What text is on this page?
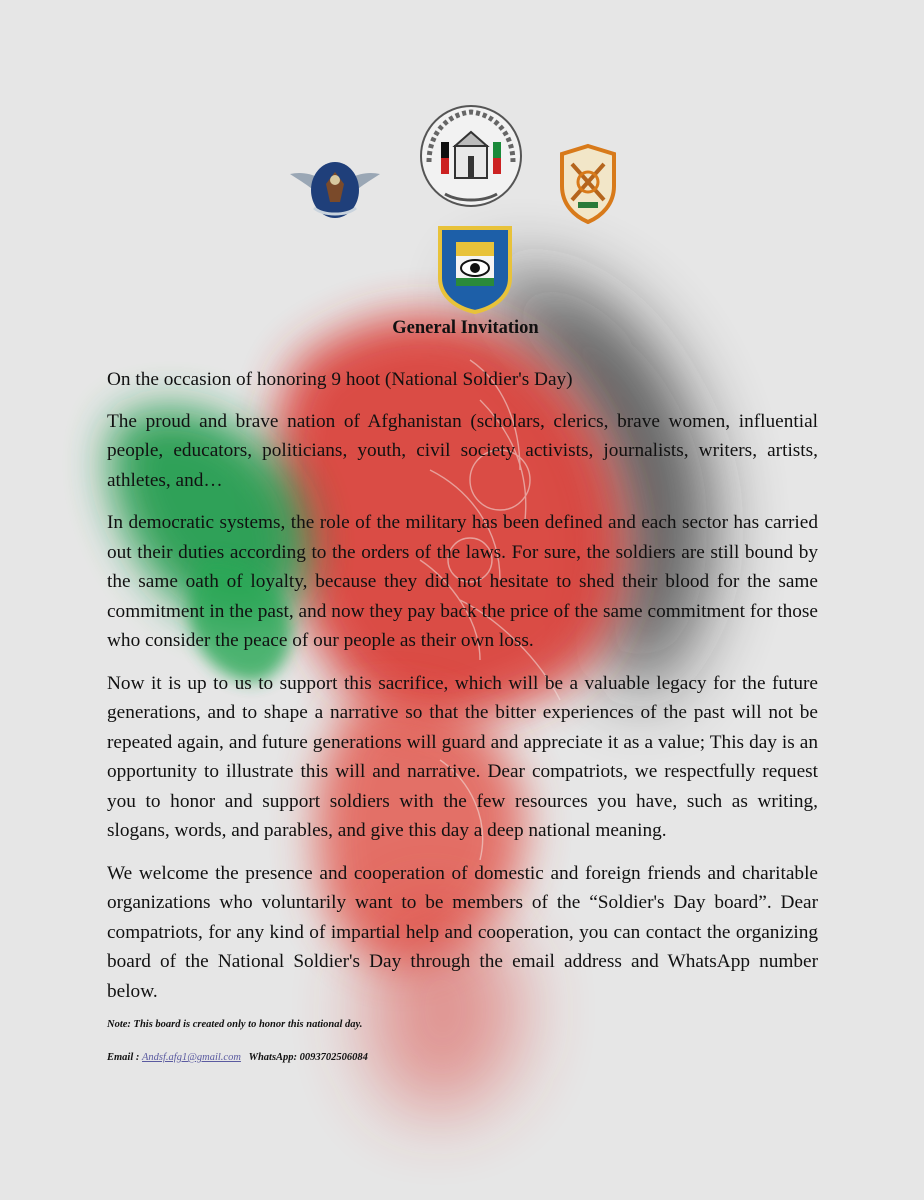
General Invitation

On the occasion of honoring 9 hoot (National Soldier's Day)

The proud and brave nation of Afghanistan (scholars, clerics, brave women, influential people, educators, politicians, youth, civil society activists, journalists, writers, artists, athletes, and…

In democratic systems, the role of the military has been defined and each sector has carried out their duties according to the orders of the laws. For sure, the soldiers are still bound by the same oath of loyalty, because they did not hesitate to shed their blood for the same commitment in the past, and now they pay back the price of the same commitment for those who consider the peace of our people as their own loss.

Now it is up to us to support this sacrifice, which will be a valuable legacy for the future generations, and to shape a narrative so that the bitter experiences of the past will not be repeated again, and future generations will guard and appreciate it as a value; This day is an opportunity to illustrate this will and narrative. Dear compatriots, we respectfully request you to honor and support soldiers with the few resources you have, such as writing, slogans, words, and parables, and give this day a deep national meaning.

We welcome the presence and cooperation of domestic and foreign friends and charitable organizations who voluntarily want to be members of the “Soldier's Day board”. Dear compatriots, for any kind of impartial help and cooperation, you can contact the organizing board of the National Soldier's Day through the email address and WhatsApp number below.

Note: This board is created only to honor this national day.
Email : Andsf.afg1@gmail.com WhatsApp: 0093702506084
